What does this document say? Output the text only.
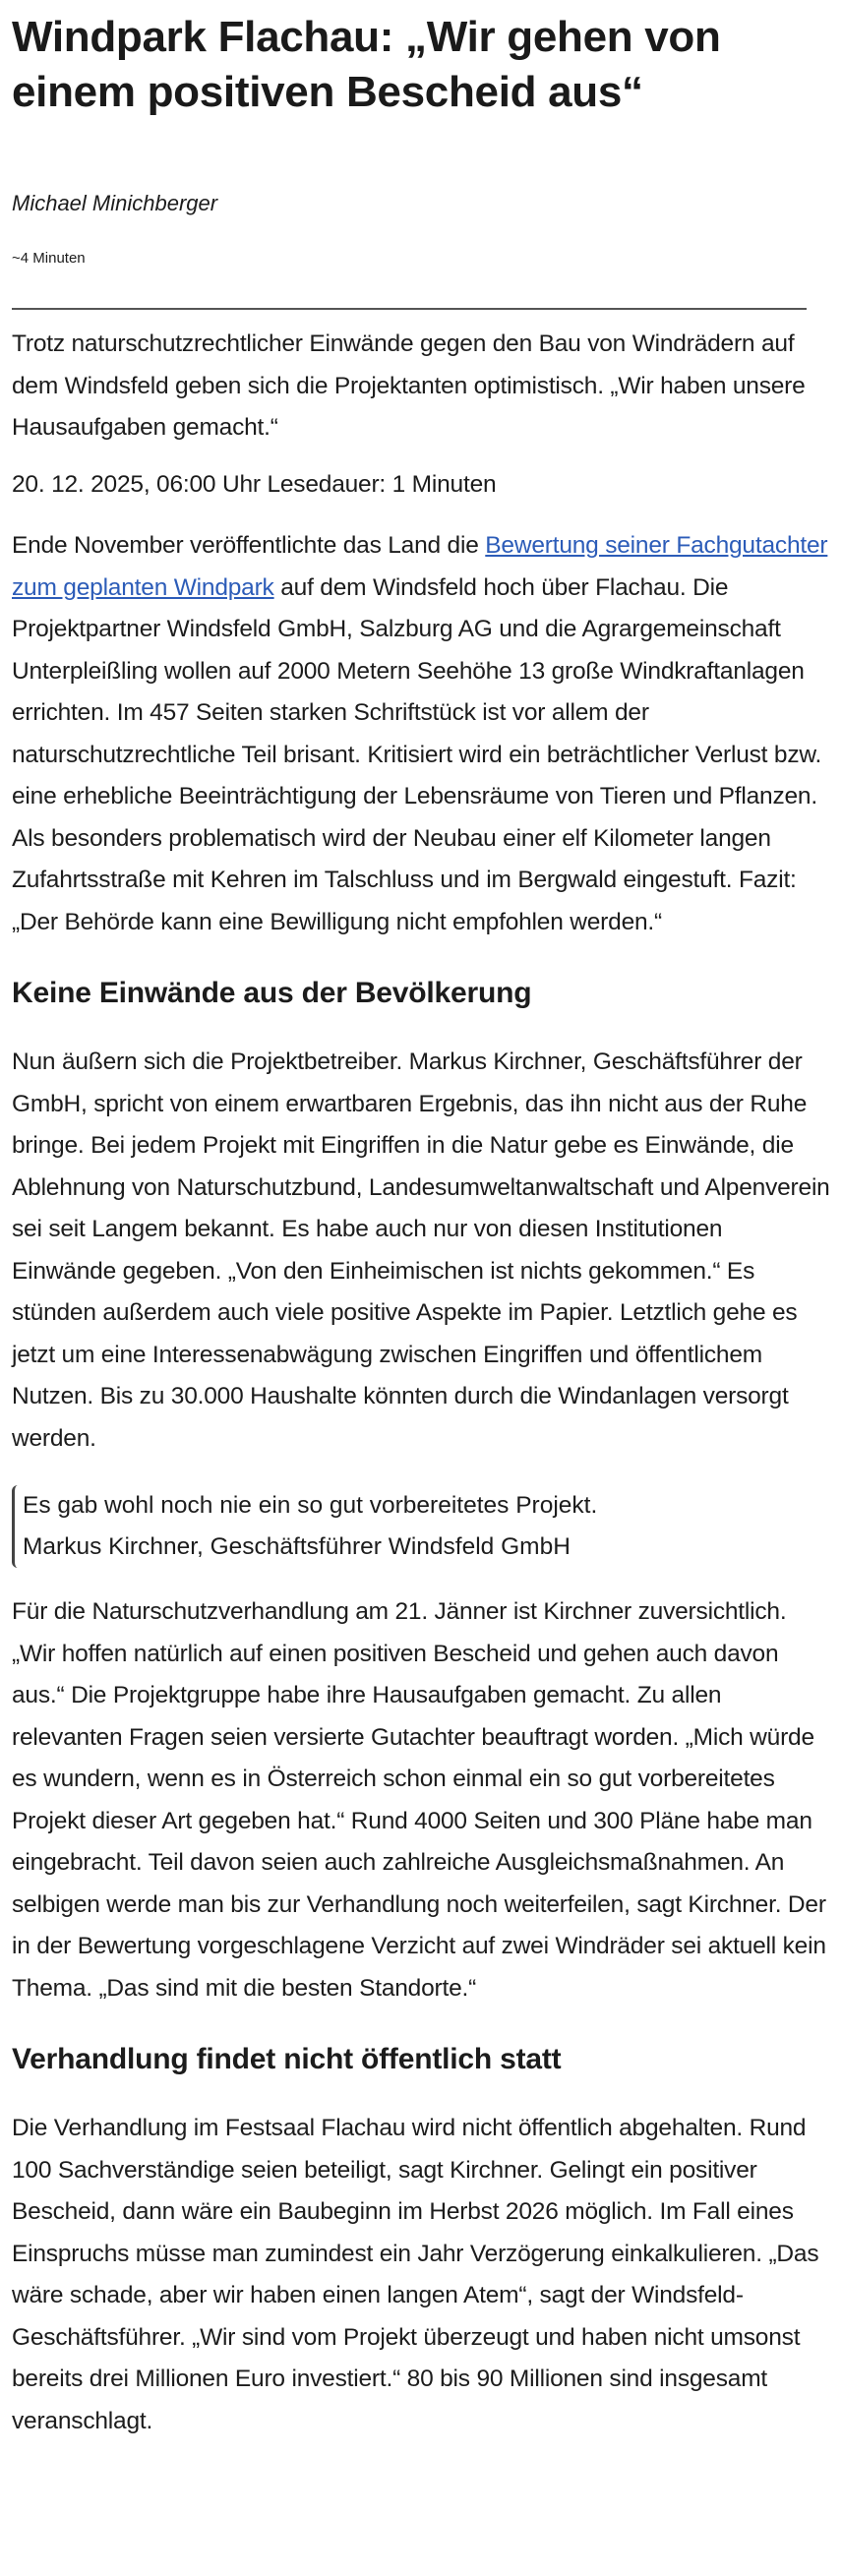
Windpark Flachau: „Wir gehen von einem positiven Bescheid aus“
Michael Minichberger
~4 Minuten

Trotz naturschutzrechtlicher Einwände gegen den Bau von Windrädern auf dem Windsfeld geben sich die Projektanten optimistisch. „Wir haben unsere Hausaufgaben gemacht.“

20. 12. 2025, 06:00 Uhr Lesedauer: 1 Minuten

Ende November veröffentlichte das Land die Bewertung seiner Fachgutachter zum geplanten Windpark auf dem Windsfeld hoch über Flachau. Die Projektpartner Windsfeld GmbH, Salzburg AG und die Agrargemeinschaft Unterpleißling wollen auf 2000 Metern Seehöhe 13 große Windkraftanlagen errichten. Im 457 Seiten starken Schriftstück ist vor allem der naturschutzrechtliche Teil brisant. Kritisiert wird ein beträchtlicher Verlust bzw. eine erhebliche Beeinträchtigung der Lebensräume von Tieren und Pflanzen. Als besonders problematisch wird der Neubau einer elf Kilometer langen Zufahrtsstraße mit Kehren im Talschluss und im Bergwald eingestuft. Fazit: „Der Behörde kann eine Bewilligung nicht empfohlen werden.“

Keine Einwände aus der Bevölkerung

Nun äußern sich die Projektbetreiber. Markus Kirchner, Geschäftsführer der GmbH, spricht von einem erwartbaren Ergebnis, das ihn nicht aus der Ruhe bringe. Bei jedem Projekt mit Eingriffen in die Natur gebe es Einwände, die Ablehnung von Naturschutzbund, Landesumweltanwaltschaft und Alpenverein sei seit Langem bekannt. Es habe auch nur von diesen Institutionen Einwände gegeben. „Von den Einheimischen ist nichts gekommen.“ Es stünden außerdem auch viele positive Aspekte im Papier. Letztlich gehe es jetzt um eine Interessenabwägung zwischen Eingriffen und öffentlichem Nutzen. Bis zu 30.000 Haushalte könnten durch die Windanlagen versorgt werden.

Es gab wohl noch nie ein so gut vorbereitetes Projekt.
Markus Kirchner, Geschäftsführer Windsfeld GmbH

Für die Naturschutzverhandlung am 21. Jänner ist Kirchner zuversichtlich. „Wir hoffen natürlich auf einen positiven Bescheid und gehen auch davon aus.“ Die Projektgruppe habe ihre Hausaufgaben gemacht. Zu allen relevanten Fragen seien versierte Gutachter beauftragt worden. „Mich würde es wundern, wenn es in Österreich schon einmal ein so gut vorbereitetes Projekt dieser Art gegeben hat.“ Rund 4000 Seiten und 300 Pläne habe man eingebracht. Teil davon seien auch zahlreiche Ausgleichsmaßnahmen. An selbigen werde man bis zur Verhandlung noch weiterfeilen, sagt Kirchner. Der in der Bewertung vorgeschlagene Verzicht auf zwei Windräder sei aktuell kein Thema. „Das sind mit die besten Standorte.“

Verhandlung findet nicht öffentlich statt

Die Verhandlung im Festsaal Flachau wird nicht öffentlich abgehalten. Rund 100 Sachverständige seien beteiligt, sagt Kirchner. Gelingt ein positiver Bescheid, dann wäre ein Baubeginn im Herbst 2026 möglich. Im Fall eines Einspruchs müsse man zumindest ein Jahr Verzögerung einkalkulieren. „Das wäre schade, aber wir haben einen langen Atem“, sagt der Windsfeld-Geschäftsführer. „Wir sind vom Projekt überzeugt und haben nicht umsonst bereits drei Millionen Euro investiert.“ 80 bis 90 Millionen sind insgesamt veranschlagt.
